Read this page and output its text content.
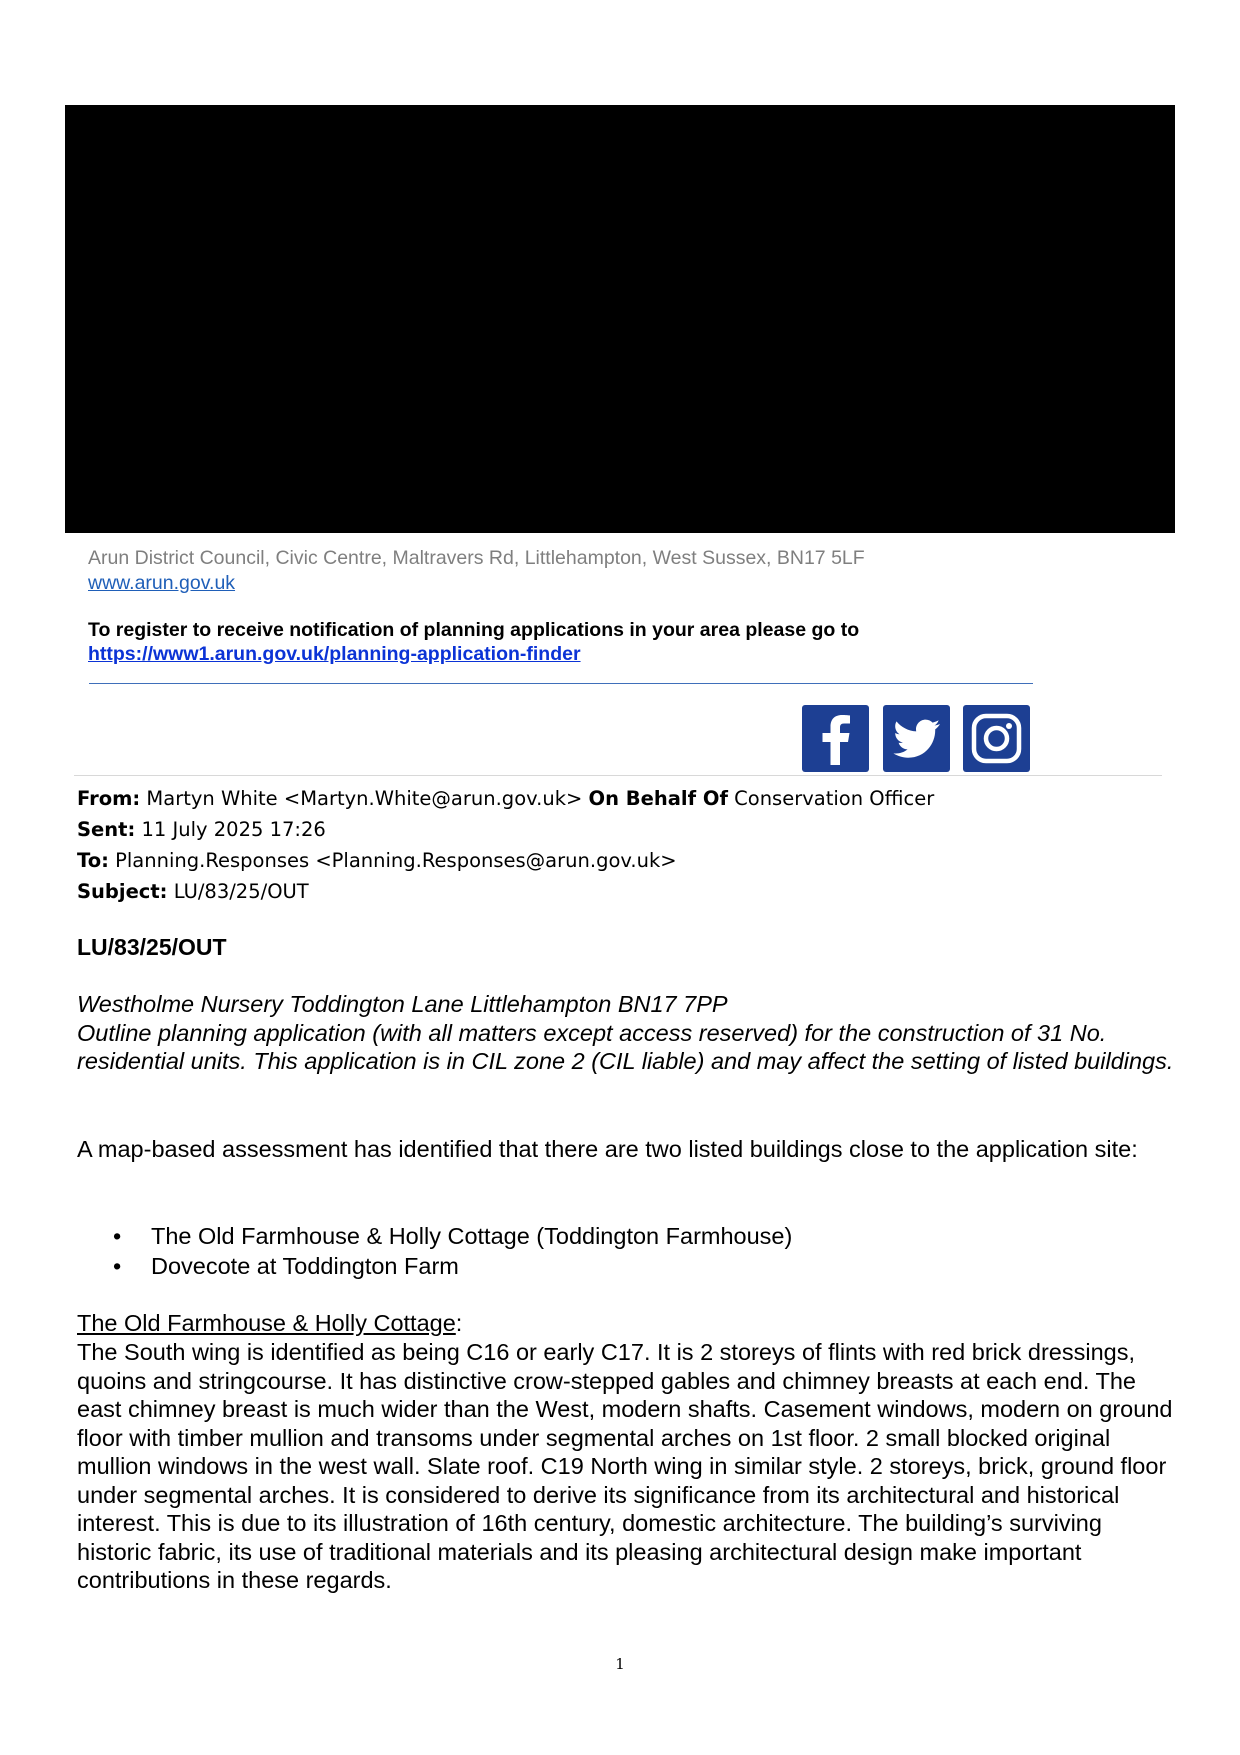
Arun District Council, Civic Centre, Maltravers Rd, Littlehampton, West Sussex, BN17 5LF
www.arun.gov.uk
To register to receive notification of planning applications in your area please go to
https://www1.arun.gov.uk/planning-application-finder
From: Martyn White <Martyn.White@arun.gov.uk> On Behalf Of Conservation Officer
Sent: 11 July 2025 17:26
To: Planning.Responses <Planning.Responses@arun.gov.uk>
Subject: LU/83/25/OUT
LU/83/25/OUT
Westholme Nursery Toddington Lane Littlehampton BN17 7PP
Outline planning application (with all matters except access reserved) for the construction of 31 No. residential units. This application is in CIL zone 2 (CIL liable) and may affect the setting of listed buildings.
A map-based assessment has identified that there are two listed buildings close to the application site:
• The Old Farmhouse & Holly Cottage (Toddington Farmhouse)
• Dovecote at Toddington Farm
The Old Farmhouse & Holly Cottage:
The South wing is identified as being C16 or early C17. It is 2 storeys of flints with red brick dressings, quoins and stringcourse. It has distinctive crow-stepped gables and chimney breasts at each end. The east chimney breast is much wider than the West, modern shafts. Casement windows, modern on ground floor with timber mullion and transoms under segmental arches on 1st floor. 2 small blocked original mullion windows in the west wall. Slate roof. C19 North wing in similar style. 2 storeys, brick, ground floor under segmental arches. It is considered to derive its significance from its architectural and historical interest. This is due to its illustration of 16th century, domestic architecture. The building’s surviving historic fabric, its use of traditional materials and its pleasing architectural design make important contributions in these regards.
1
